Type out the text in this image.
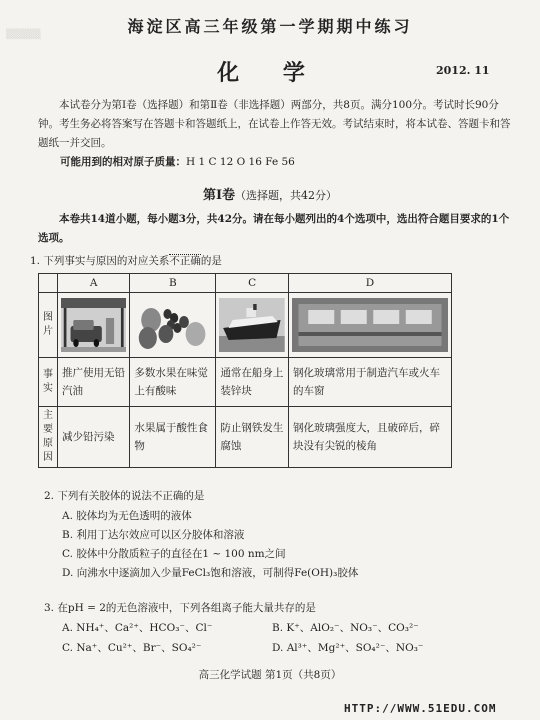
▒▒▒▒▒	海淀区高三年级第一学期期中练习
化 学	2012. 11
本试卷分为第Ⅰ卷（选择题）和第Ⅱ卷（非选择题）两部分，共8页。满分100分。考试时长90分钟。考生务必将答案写在答题卡和答题纸上，在试卷上作答无效。考试结束时，将本试卷、答题卡和答题纸一并交回。
可能用到的相对原子质量：H 1 C 12 O 16 Fe 56
第Ⅰ卷（选择题，共42分）
本卷共14道小题，每小题3分，共42分。请在每小题列出的4个选项中，选出符合题目要求的1个选项。
1. 下列事实与原因的对应关系不正确的是
	A	B	C	D
图片	

事实	推广使用无铅汽油	多数水果在味觉上有酸味	通常在船身上装锌块	钢化玻璃常用于制造汽车或火车的车窗
主要原因	减少铅污染	水果属于酸性食物	防止钢铁发生腐蚀	钢化玻璃强度大，且破碎后，碎块没有尖锐的棱角
2. 下列有关胶体的说法不正确的是
A. 胶体均为无色透明的液体
B. 利用丁达尔效应可以区分胶体和溶液
C. 胶体中分散质粒子的直径在1 ~ 100 nm之间
D. 向沸水中逐滴加入少量FeCl₃饱和溶液，可制得Fe(OH)₃胶体
3. 在pH = 2的无色溶液中，下列各组离子能大量共存的是
A. NH₄⁺、Ca²⁺、HCO₃⁻、Cl⁻	B. K⁺、AlO₂⁻、NO₃⁻、CO₃²⁻
C. Na⁺、Cu²⁺、Br⁻、SO₄²⁻	D. Al³⁺、Mg²⁺、SO₄²⁻、NO₃⁻
高三化学试题 第1页（共8页）
HTTP://WWW.51EDU.COM
